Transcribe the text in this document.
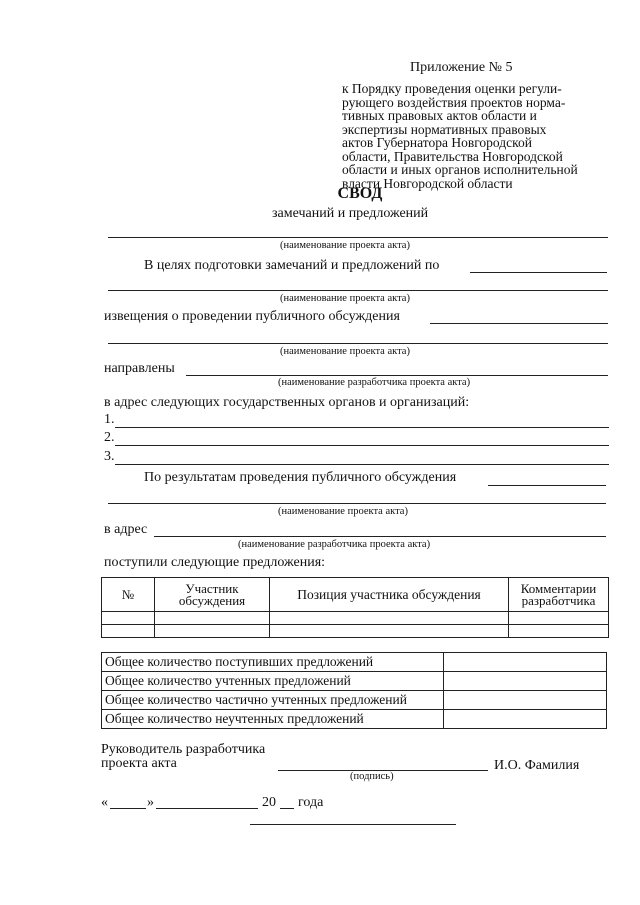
Приложение № 5
к Порядку проведения оценки регули-
рующего воздействия проектов норма-
тивных правовых актов области и
экспертизы нормативных правовых
актов Губернатора Новгородской
области, Правительства Новгородской
области и иных органов исполнительной
власти Новгородской области
СВОД
замечаний и предложений
(наименование проекта акта)
В целях подготовки замечаний и предложений по
(наименование проекта акта)
извещения о проведении публичного обсуждения
(наименование проекта акта)
направлены
(наименование разработчика проекта акта)
в адрес следующих государственных органов и организаций:
1.
2.
3.
По результатам проведения публичного обсуждения
(наименование проекта акта)
в адрес
(наименование разработчика проекта акта)
поступили следующие предложения:
№	Участник обсуждения	Позиция участника обсуждения	Комментарии разработчика

Общее количество поступивших предложений	
Общее количество учтенных предложений	
Общее количество частично учтенных предложений	
Общее количество неучтенных предложений	
Руководитель разработчика
проекта акта	И.О. Фамилия
(подпись)
«	»	20 года
